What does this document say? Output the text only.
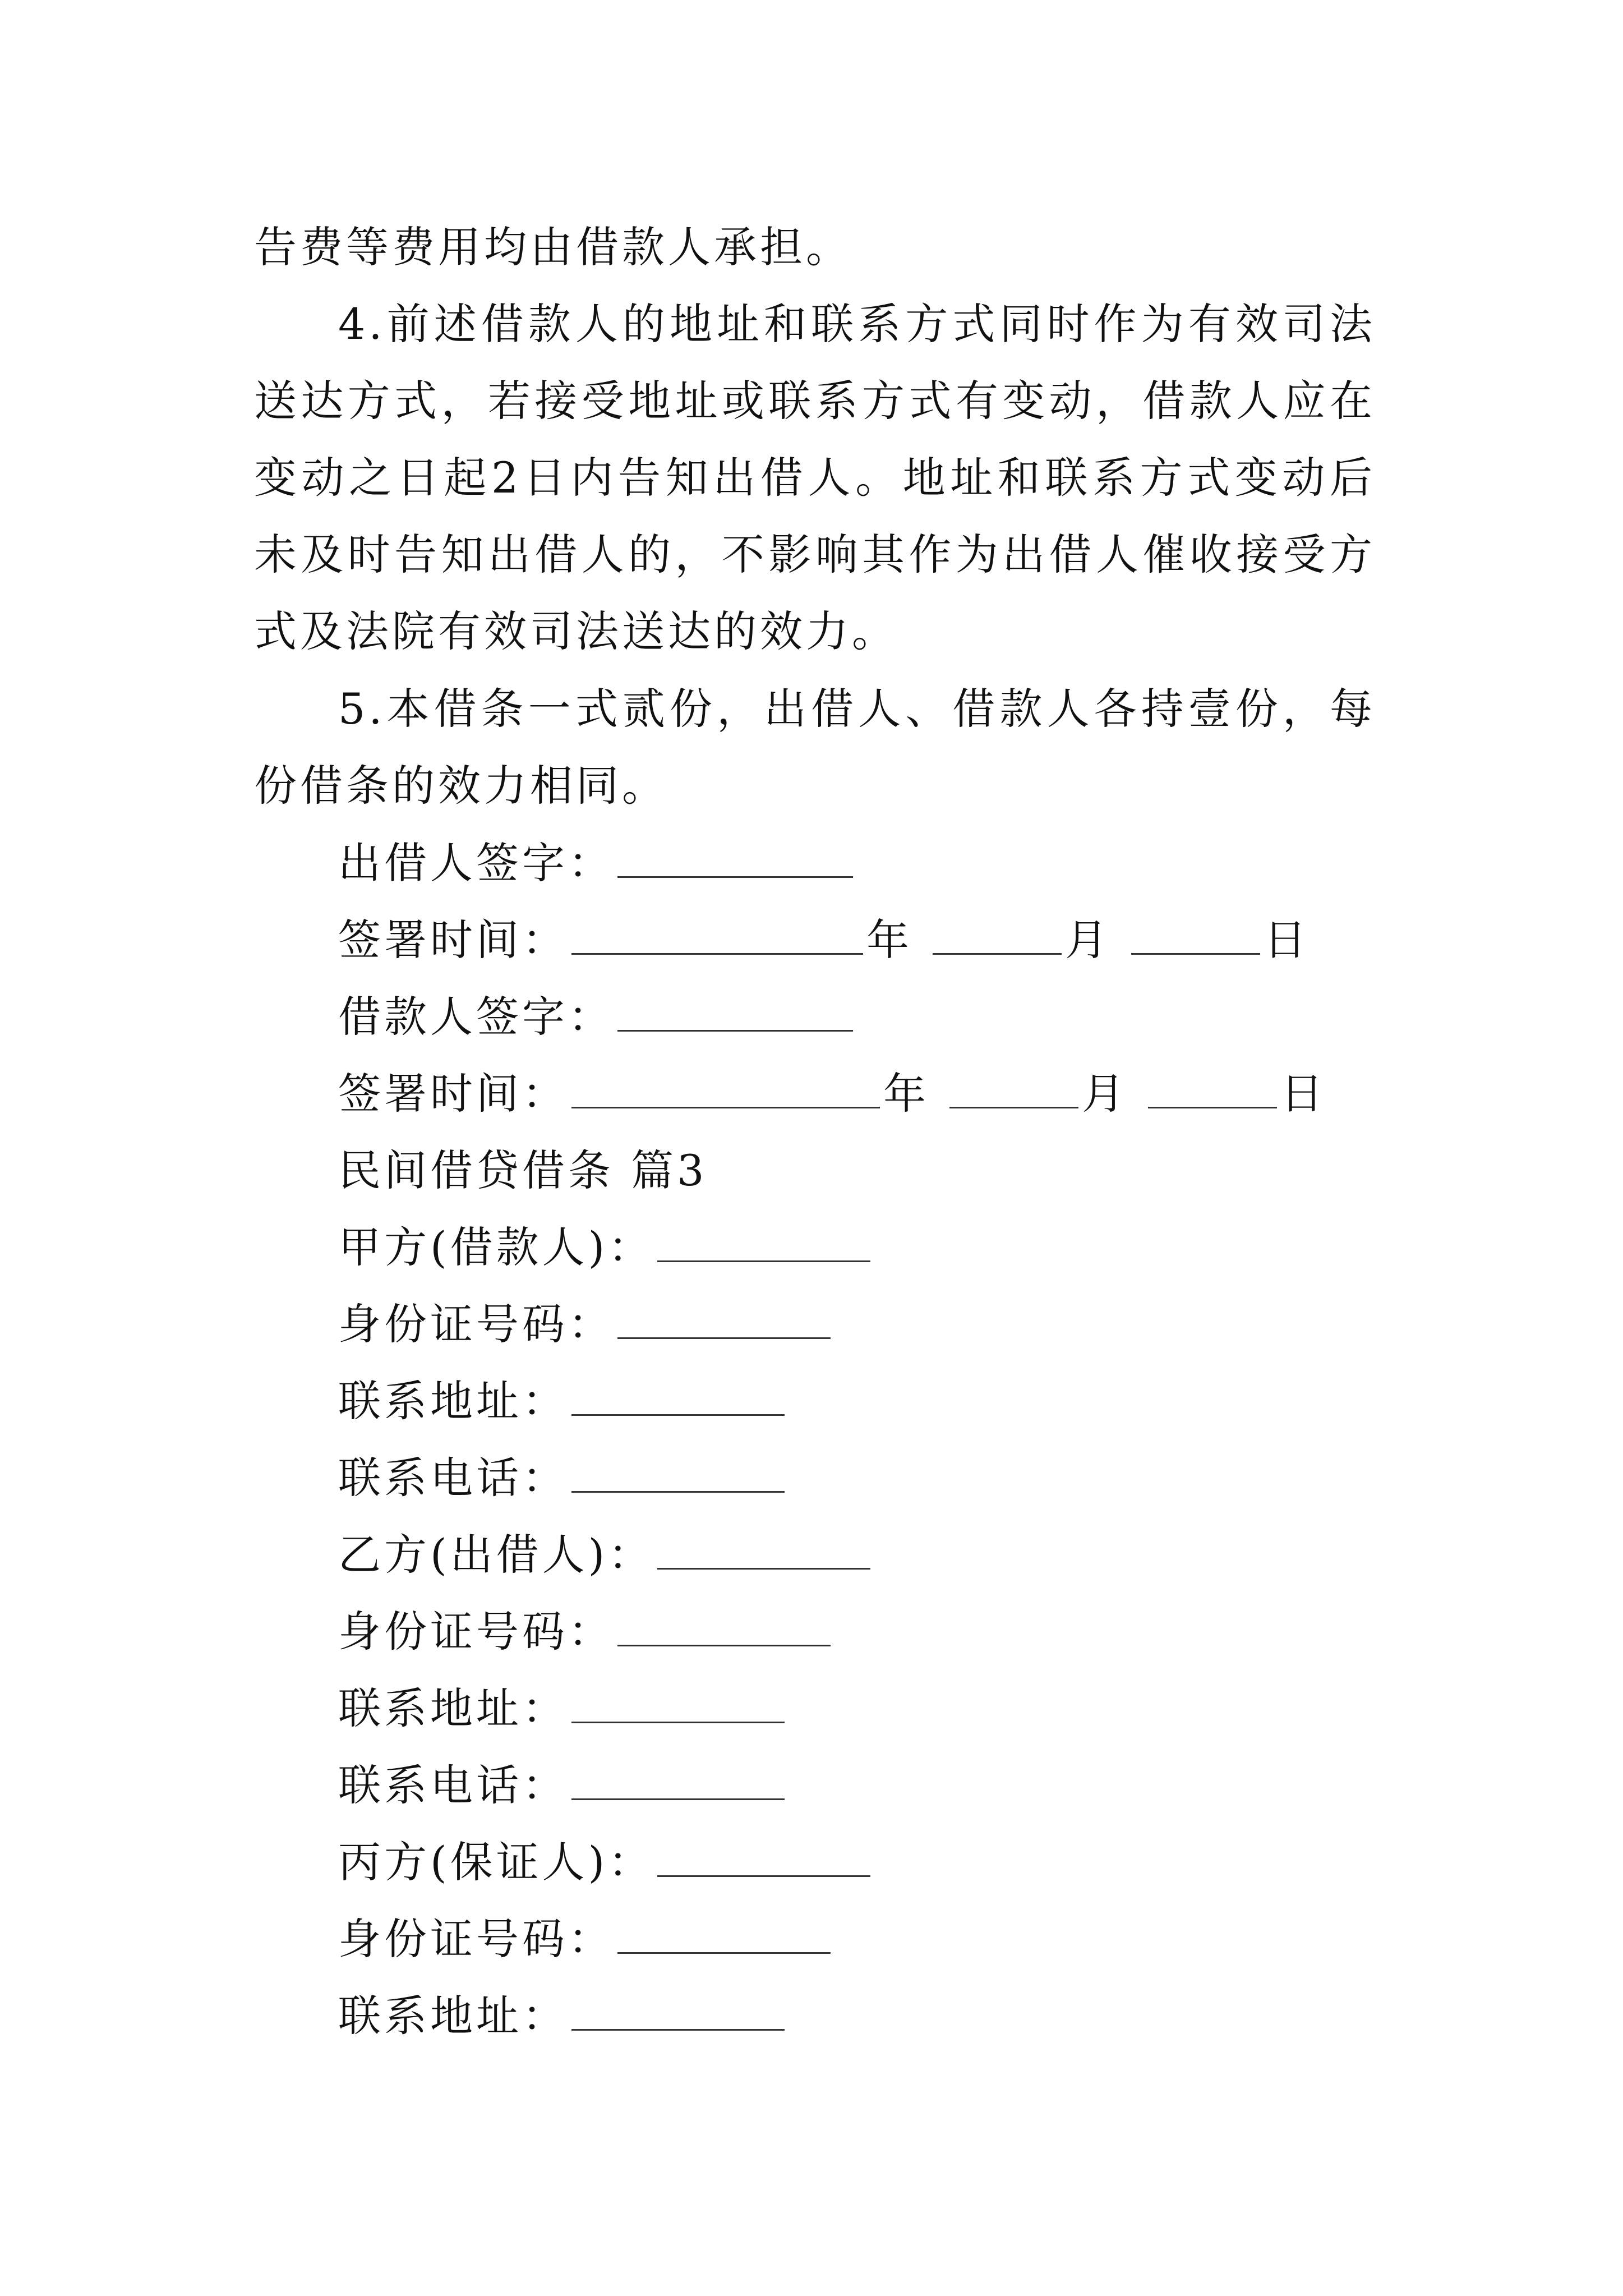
告费等费用均由借款人承担。
4.前述借款人的地址和联系方式同时作为有效司法送达方式，若接受地址或联系方式有变动，借款人应在变动之日起2日内告知出借人。地址和联系方式变动后未及时告知出借人的，不影响其作为出借人催收接受方式及法院有效司法送达的效力。
5.本借条一式贰份，出借人、借款人各持壹份，每份借条的效力相同。
出借人签字：
签署时间：	年	月	日
借款人签字：
签署时间：	年	月	日
民间借贷借条 篇3
甲方(借款人)：
身份证号码：
联系地址：
联系电话：
乙方(出借人)：
身份证号码：
联系地址：
联系电话：
丙方(保证人)：
身份证号码：
联系地址：
